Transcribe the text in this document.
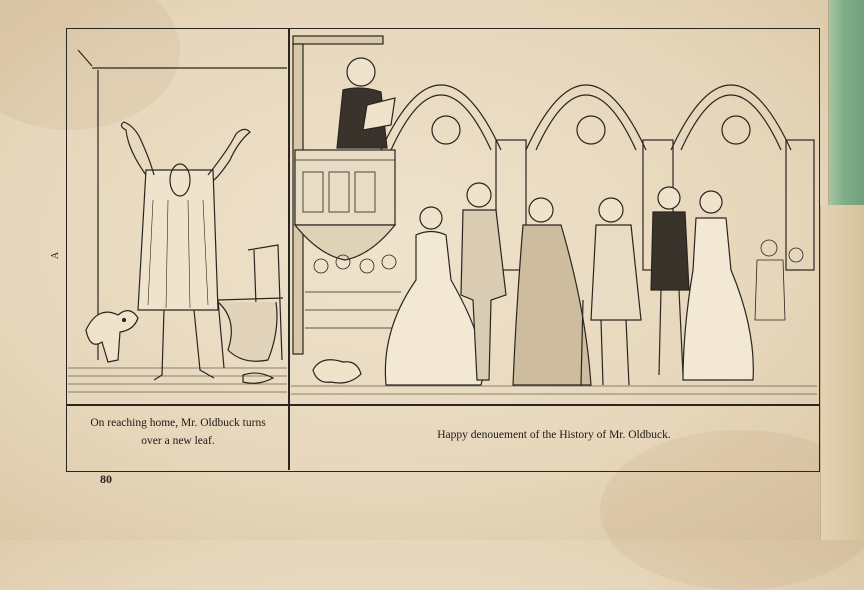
A
On reaching home, Mr. Oldbuck turns
over a new leaf.	Happy denouement of the History of Mr. Oldbuck.
80
